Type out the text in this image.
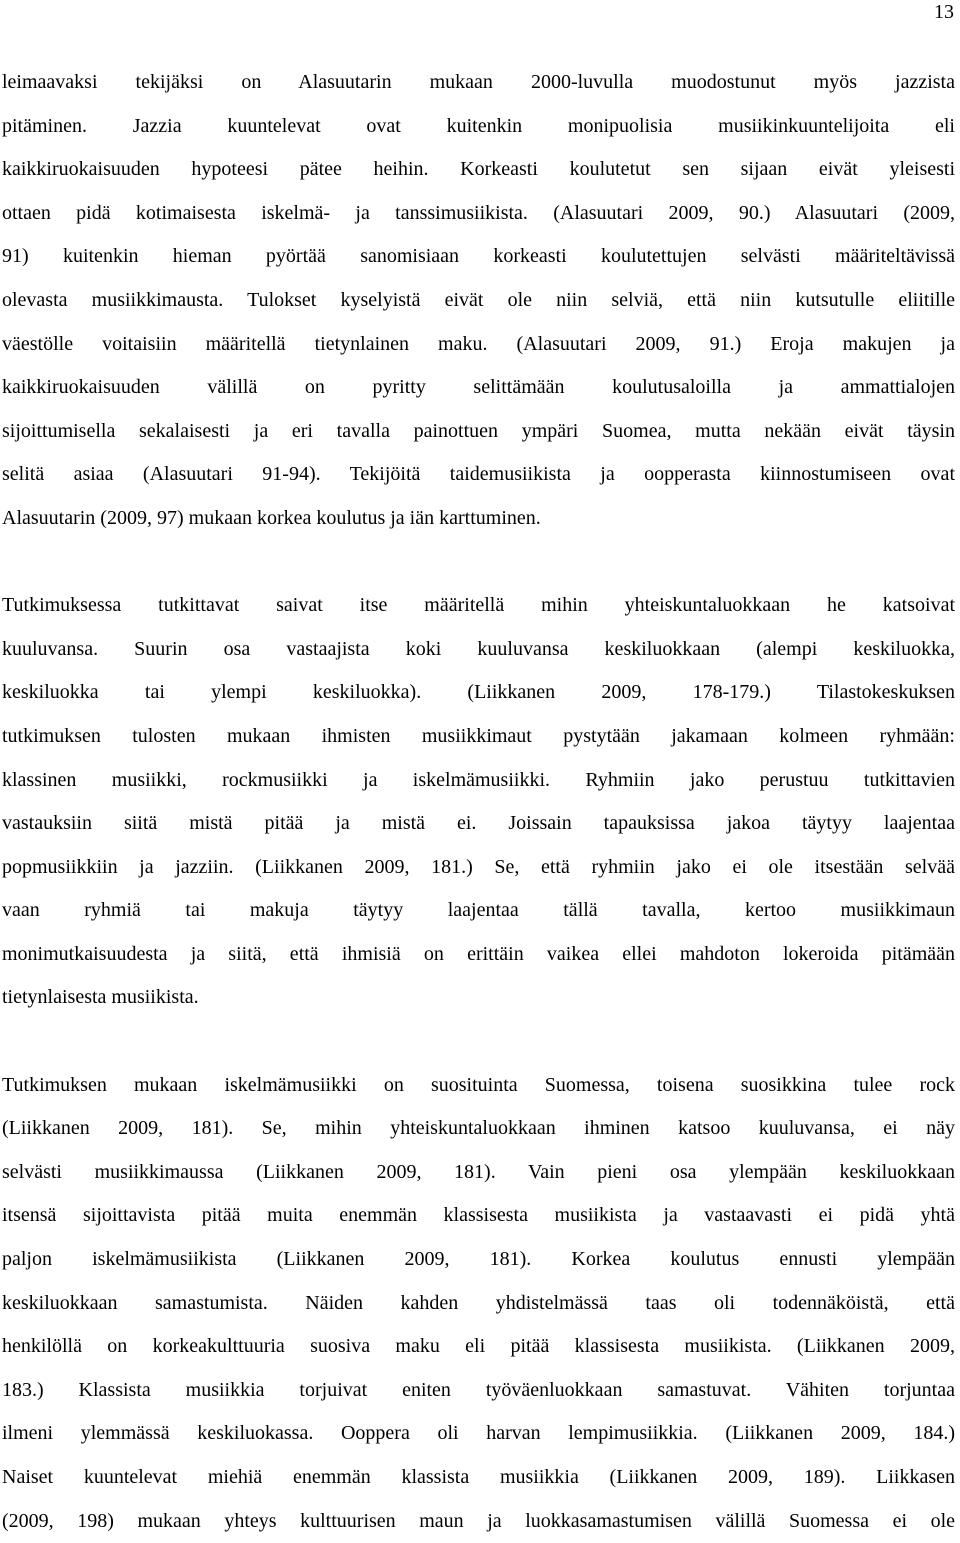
13

leimaavaksi tekijäksi on Alasuutarin mukaan 2000-luvulla muodostunut myös jazzista
pitäminen. Jazzia kuuntelevat ovat kuitenkin monipuolisia musiikinkuuntelijoita eli
kaikkiruokaisuuden hypoteesi pätee heihin. Korkeasti koulutetut sen sijaan eivät yleisesti
ottaen pidä kotimaisesta iskelmä- ja tanssimusiikista. (Alasuutari 2009, 90.) Alasuutari (2009,
91) kuitenkin hieman pyörtää sanomisiaan korkeasti koulutettujen selvästi määriteltävissä
olevasta musiikkimausta. Tulokset kyselyistä eivät ole niin selviä, että niin kutsutulle eliitille
väestölle voitaisiin määritellä tietynlainen maku. (Alasuutari 2009, 91.) Eroja makujen ja
kaikkiruokaisuuden välillä on pyritty selittämään koulutusaloilla ja ammattialojen
sijoittumisella sekalaisesti ja eri tavalla painottuen ympäri Suomea, mutta nekään eivät täysin
selitä asiaa (Alasuutari 91-94). Tekijöitä taidemusiikista ja oopperasta kiinnostumiseen ovat
Alasuutarin (2009, 97) mukaan korkea koulutus ja iän karttuminen.

Tutkimuksessa tutkittavat saivat itse määritellä mihin yhteiskuntaluokkaan he katsoivat
kuuluvansa. Suurin osa vastaajista koki kuuluvansa keskiluokkaan (alempi keskiluokka,
keskiluokka tai ylempi keskiluokka). (Liikkanen 2009, 178-179.) Tilastokeskuksen
tutkimuksen tulosten mukaan ihmisten musiikkimaut pystytään jakamaan kolmeen ryhmään:
klassinen musiikki, rockmusiikki ja iskelmämusiikki. Ryhmiin jako perustuu tutkittavien
vastauksiin siitä mistä pitää ja mistä ei. Joissain tapauksissa jakoa täytyy laajentaa
popmusiikkiin ja jazziin. (Liikkanen 2009, 181.) Se, että ryhmiin jako ei ole itsestään selvää
vaan ryhmiä tai makuja täytyy laajentaa tällä tavalla, kertoo musiikkimaun
monimutkaisuudesta ja siitä, että ihmisiä on erittäin vaikea ellei mahdoton lokeroida pitämään
tietynlaisesta musiikista.

Tutkimuksen mukaan iskelmämusiikki on suosituinta Suomessa, toisena suosikkina tulee rock
(Liikkanen 2009, 181). Se, mihin yhteiskuntaluokkaan ihminen katsoo kuuluvansa, ei näy
selvästi musiikkimaussa (Liikkanen 2009, 181). Vain pieni osa ylempään keskiluokkaan
itsensä sijoittavista pitää muita enemmän klassisesta musiikista ja vastaavasti ei pidä yhtä
paljon iskelmämusiikista (Liikkanen 2009, 181). Korkea koulutus ennusti ylempään
keskiluokkaan samastumista. Näiden kahden yhdistelmässä taas oli todennäköistä, että
henkilöllä on korkeakulttuuria suosiva maku eli pitää klassisesta musiikista. (Liikkanen 2009,
183.) Klassista musiikkia torjuivat eniten työväenluokkaan samastuvat. Vähiten torjuntaa
ilmeni ylemmässä keskiluokassa. Ooppera oli harvan lempimusiikkia. (Liikkanen 2009, 184.)
Naiset kuuntelevat miehiä enemmän klassista musiikkia (Liikkanen 2009, 189). Liikkasen
(2009, 198) mukaan yhteys kulttuurisen maun ja luokkasamastumisen välillä Suomessa ei ole
